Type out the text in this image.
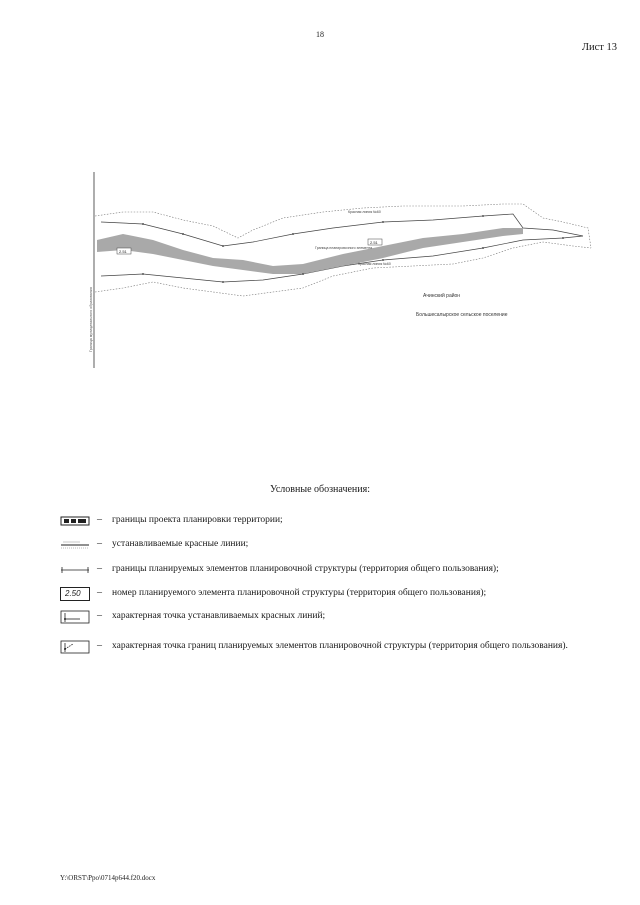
18
Лист 13
Граница муниципального образования
2.51
2.51
Красная линия №60
Граница планировочного элемента
Красная линия №60
Ачинский район
Большесалырское сельское поселение
Условные обозначения:
– границы проекта планировки территории;
– устанавливаемые красные линии;
– границы планируемых элементов планировочной структуры (территория общего пользования);
2.50 – номер планируемого элемента планировочной структуры (территория общего пользования);
– характерная точка устанавливаемых красных линий;
– характерная точка границ планируемых элементов планировочной структуры (территория общего пользования).
Y:\ORST\Ppo\0714p644.f20.docx
